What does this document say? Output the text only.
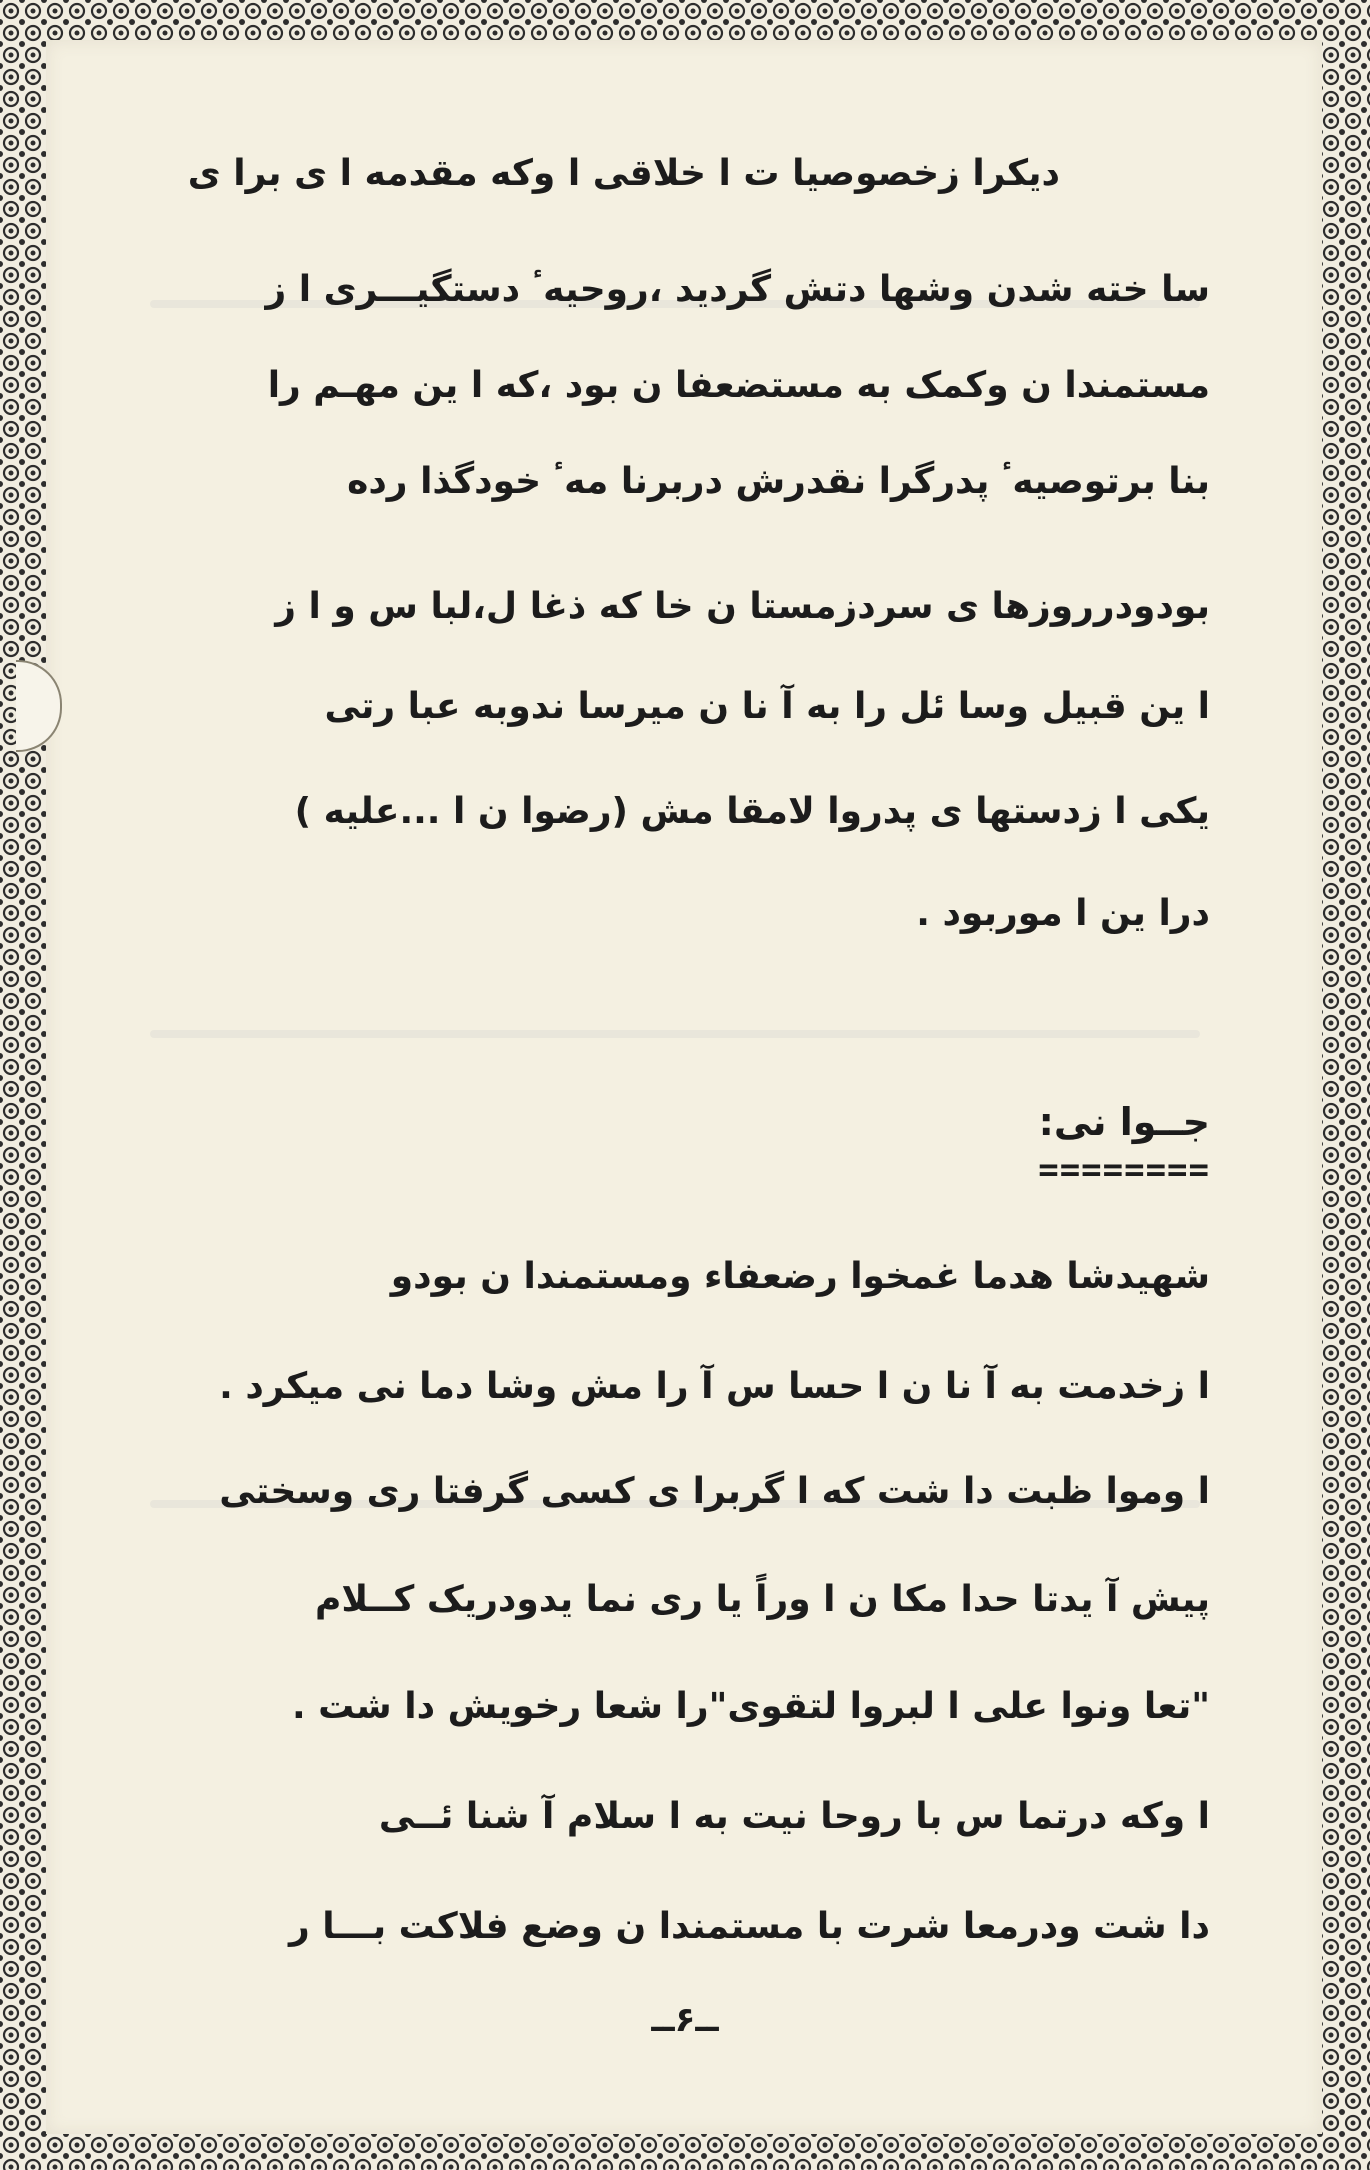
دیکرا زخصوصیا ت ا خلاقی ا وکه مقدمه ا ی برا ی
سا خته شدن وشها دتش گردید ،روحیهٴ دستگیـــری ا ز
مستمندا ن وکمک به مستضعفا ن بود ،که ا ین مهـم را
بنا برتوصیهٴ پدرگرا نقدرش دربرنا مهٴ خودگذا رده
بودودرروزها ی سردزمستا ن خا که ذغا ل،لبا س و ا ز
ا ین قبیل وسا ئل را به آ نا ن میرسا ندوبه عبا رتی
یکی ا زدستها ی پدروا لامقا مش (رضوا ن ا ...علیه )
درا ین ا موربود .
جــوا نی:
========
شهیدشا هدما غمخوا رضعفاء ومستمندا ن بودو
ا زخدمت به آ نا ن ا حسا س آ را مش وشا دما نی میکرد .
ا وموا ظبت دا شت که ا گربرا ی کسی گرفتا ری وسختی
پیش آ یدتا حدا مکا ن ا وراً یا ری نما یدودریک کــلام
"تعا ونوا علی ا لبروا لتقوی"را شعا رخویش دا شت .
ا وکه درتما س با روحا نیت به ا سلام آ شنا ئــی
دا شت ودرمعا شرت با مستمندا ن وضع فلاکت بـــا ر
ــ۶ــ
